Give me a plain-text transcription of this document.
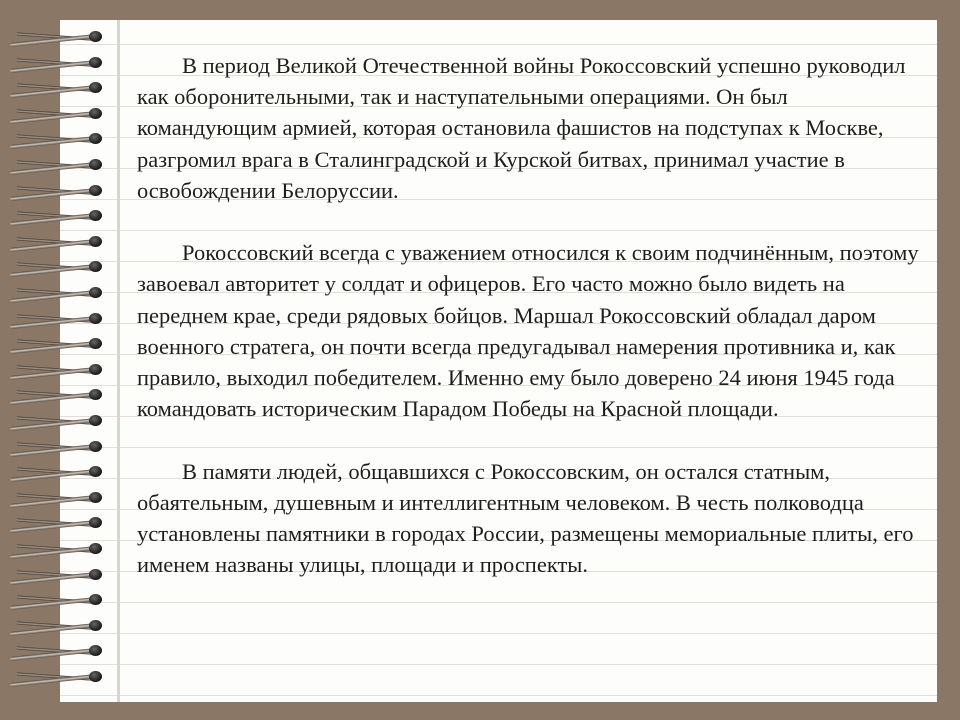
В период Великой Отечественной войны Рокоссовский успешно руководил как оборонительными, так и наступательными операциями. Он был командующим армией, которая остановила фашистов на подступах к Москве, разгромил врага в Сталинградской и Курской битвах, принимал участие в освобождении Белоруссии.

Рокоссовский всегда с уважением относился к своим подчинённым, поэтому завоевал авторитет у солдат и офицеров. Его часто можно было видеть на переднем крае, среди рядовых бойцов. Маршал Рокоссовский обладал даром военного стратега, он почти всегда предугадывал намерения противника и, как правило, выходил победителем. Именно ему было доверено 24 июня 1945 года командовать историческим Парадом Победы на Красной площади.

В памяти людей, общавшихся с Рокоссовским, он остался статным, обаятельным, душевным и интеллигентным человеком. В честь полководца установлены памятники в городах России, размещены мемориальные плиты, его именем названы улицы, площади и проспекты.
